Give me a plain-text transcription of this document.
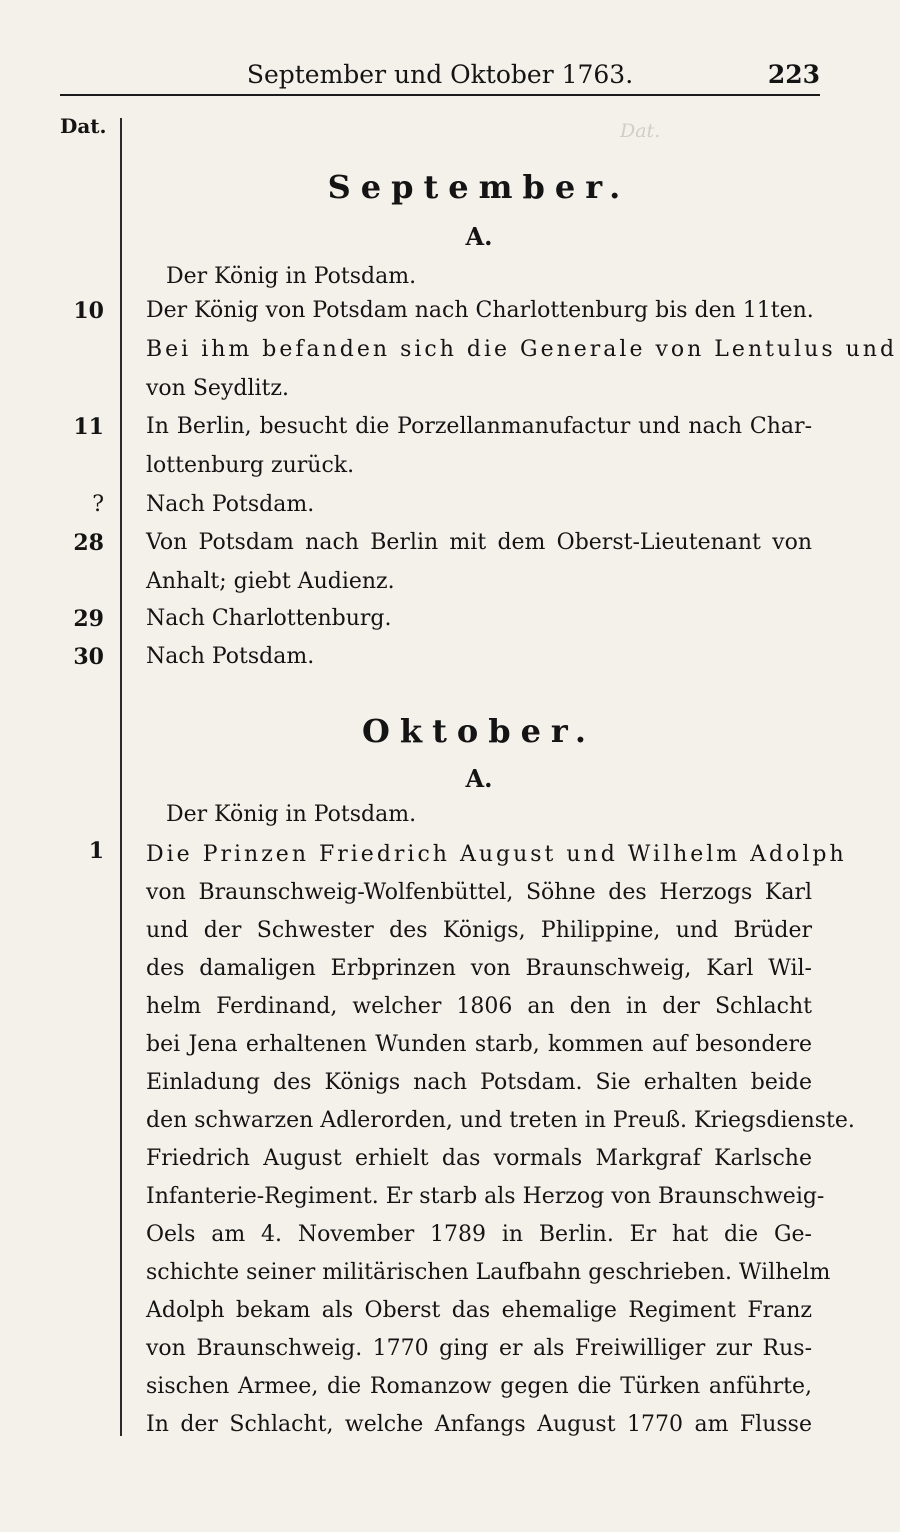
Dat.
September und Oktober 1763.	223
Dat.
September.
A.
Der König in Potsdam.
10 Der König von Potsdam nach Charlottenburg bis den 11ten.
Bei ihm befanden sich die Generale von Lentulus und
von Seydlitz.
11 In Berlin, besucht die Porzellanmanufactur und nach Char-
lottenburg zurück.
? Nach Potsdam.
28 Von Potsdam nach Berlin mit dem Oberst-Lieutenant von
Anhalt; giebt Audienz.
29 Nach Charlottenburg.
30 Nach Potsdam.
Oktober.
A.
Der König in Potsdam.
1 Die Prinzen Friedrich August und Wilhelm Adolph
von Braunschweig-Wolfenbüttel, Söhne des Herzogs Karl
und der Schwester des Königs, Philippine, und Brüder
des damaligen Erbprinzen von Braunschweig, Karl Wil-
helm Ferdinand, welcher 1806 an den in der Schlacht
bei Jena erhaltenen Wunden starb, kommen auf besondere
Einladung des Königs nach Potsdam. Sie erhalten beide
den schwarzen Adlerorden, und treten in Preuß. Kriegsdienste.
Friedrich August erhielt das vormals Markgraf Karlsche
Infanterie-Regiment. Er starb als Herzog von Braunschweig-
Oels am 4. November 1789 in Berlin. Er hat die Ge-
schichte seiner militärischen Laufbahn geschrieben. Wilhelm
Adolph bekam als Oberst das ehemalige Regiment Franz
von Braunschweig. 1770 ging er als Freiwilliger zur Rus-
sischen Armee, die Romanzow gegen die Türken anführte,
In der Schlacht, welche Anfangs August 1770 am Flusse
